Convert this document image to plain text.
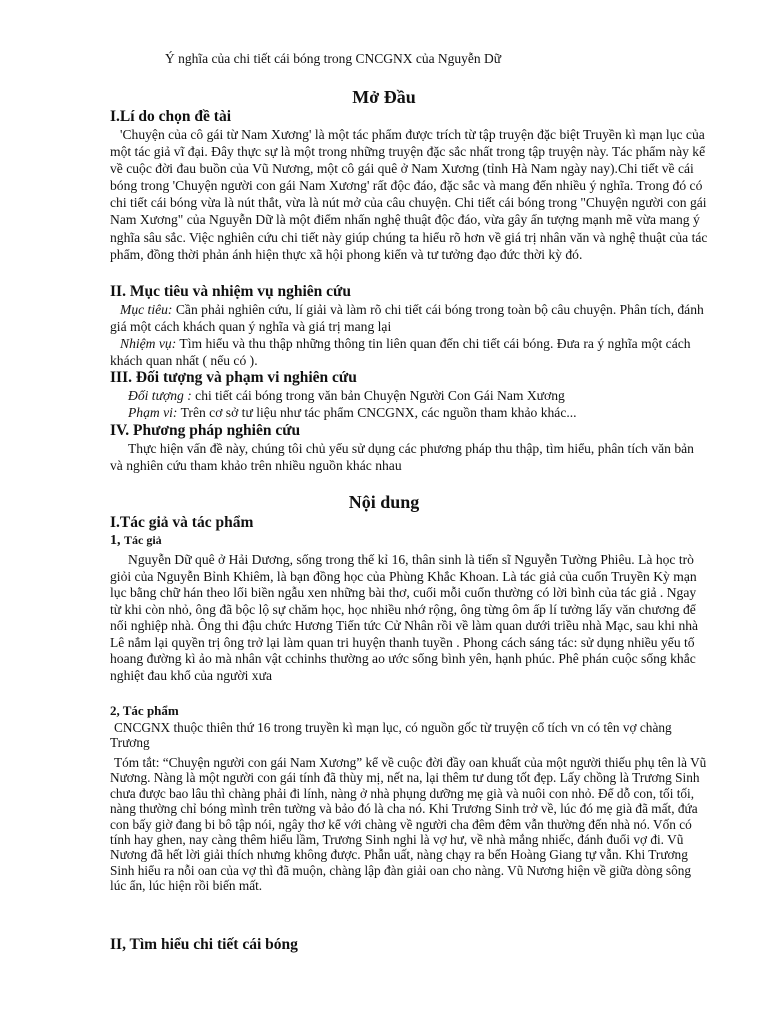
Ý nghĩa của chi tiết cái bóng trong CNCGNX của Nguyễn Dữ

Mở Đầu
I.Lí do chọn đề tài

'Chuyện của cô gái từ Nam Xương' là một tác phẩm được trích từ tập truyện đặc biệt Truyền kì mạn lục của một tác giả vĩ đại. Đây thực sự là một trong những truyện đặc sắc nhất trong tập truyện này. Tác phẩm này kể về cuộc đời đau buồn của Vũ Nương, một cô gái quê ở Nam Xương (tỉnh Hà Nam ngày nay).Chi tiết về cái bóng trong 'Chuyện người con gái Nam Xương' rất độc đáo, đặc sắc và mang đến nhiều ý nghĩa. Trong đó có chi tiết cái bóng vừa là nút thắt, vừa là nút mở của câu chuyện. Chi tiết cái bóng trong "Chuyện người con gái Nam Xương" của Nguyễn Dữ là một điểm nhấn nghệ thuật độc đáo, vừa gây ấn tượng mạnh mẽ vừa mang ý nghĩa sâu sắc. Việc nghiên cứu chi tiết này giúp chúng ta hiểu rõ hơn về giá trị nhân văn và nghệ thuật của tác phẩm, đồng thời phản ánh hiện thực xã hội phong kiến và tư tưởng đạo đức thời kỳ đó.

II. Mục tiêu và nhiệm vụ nghiên cứu

Mục tiêu: Cần phải nghiên cứu, lí giải và làm rõ chi tiết cái bóng trong toàn bộ câu chuyện. Phân tích, đánh giá một cách khách quan ý nghĩa và giá trị mang lại

Nhiệm vụ: Tìm hiểu và thu thập những thông tin liên quan đến chi tiết cái bóng. Đưa ra ý nghĩa một cách khách quan nhất ( nếu có ).

III. Đối tượng và phạm vi nghiên cứu

Đối tượng : chi tiết cái bóng trong văn bản Chuyện Người Con Gái Nam Xương

Phạm vi: Trên cơ sở tư liệu như tác phẩm CNCGNX, các nguồn tham khảo khác...

IV. Phương pháp nghiên cứu

Thực hiện vấn đề này, chúng tôi chủ yếu sử dụng các phương pháp thu thập, tìm hiểu, phân tích văn bản và nghiên cứu tham khảo trên nhiều nguồn khác nhau

Nội dung
I.Tác giả và tác phẩm
1, Tác giả

Nguyễn Dữ quê ở Hải Dương, sống trong thế kỉ 16, thân sinh là tiến sĩ Nguyễn Tường Phiêu. Là học trò giỏi của Nguyễn Bỉnh Khiêm, là bạn đồng học của Phùng Khắc Khoan. Là tác giả của cuốn Truyền Kỳ mạn lục bằng chữ hán theo lối biền ngẫu xen những bài thơ, cuối mỗi cuốn thường có lời bình của tác giả . Ngay từ khi còn nhỏ, ông đã bộc lộ sự chăm học, học nhiều nhớ rộng, ông từng ôm ấp lí tưởng lấy văn chương để nối nghiệp nhà. Ông thi đậu chức Hương Tiến tức Cử Nhân rồi về làm quan dưới triều nhà Mạc, sau khi nhà Lê nắm lại quyền trị ông trở lại làm quan tri huyện thanh tuyền . Phong cách sáng tác: sử dụng nhiều yếu tố hoang đường kì ảo mà nhân vật cchinhs thường ao ước sống bình yên, hạnh phúc. Phê phán cuộc sống khắc nghiệt đau khổ của người xưa

2, Tác phẩm

CNCGNX thuộc thiên thứ 16 trong truyền kì mạn lục, có nguồn gốc từ truyện cổ tích vn có tên vợ chàng Trương

Tóm tắt: “Chuyện người con gái Nam Xương” kể về cuộc đời đầy oan khuất của một người thiếu phụ tên là Vũ Nương. Nàng là một người con gái tính đã thùy mị, nết na, lại thêm tư dung tốt đẹp. Lấy chồng là Trương Sinh chưa được bao lâu thì chàng phải đi lính, nàng ở nhà phụng dưỡng mẹ già và nuôi con nhỏ. Để dỗ con, tối tối, nàng thường chỉ bóng mình trên tường và bảo đó là cha nó. Khi Trương Sinh trở về, lúc đó mẹ già đã mất, đứa con bấy giờ đang bi bô tập nói, ngây thơ kể với chàng về người cha đêm đêm vẫn thường đến nhà nó. Vốn có tính hay ghen, nay càng thêm hiểu lầm, Trương Sinh nghi là vợ hư, về nhà mắng nhiếc, đánh đuổi vợ đi. Vũ Nương đã hết lời giải thích nhưng không được. Phẫn uất, nàng chạy ra bến Hoàng Giang tự vẫn. Khi Trương Sinh hiểu ra nỗi oan của vợ thì đã muộn, chàng lập đàn giải oan cho nàng. Vũ Nương hiện về giữa dòng sông lúc ẩn, lúc hiện rồi biến mất.

II, Tìm hiểu chi tiết cái bóng
